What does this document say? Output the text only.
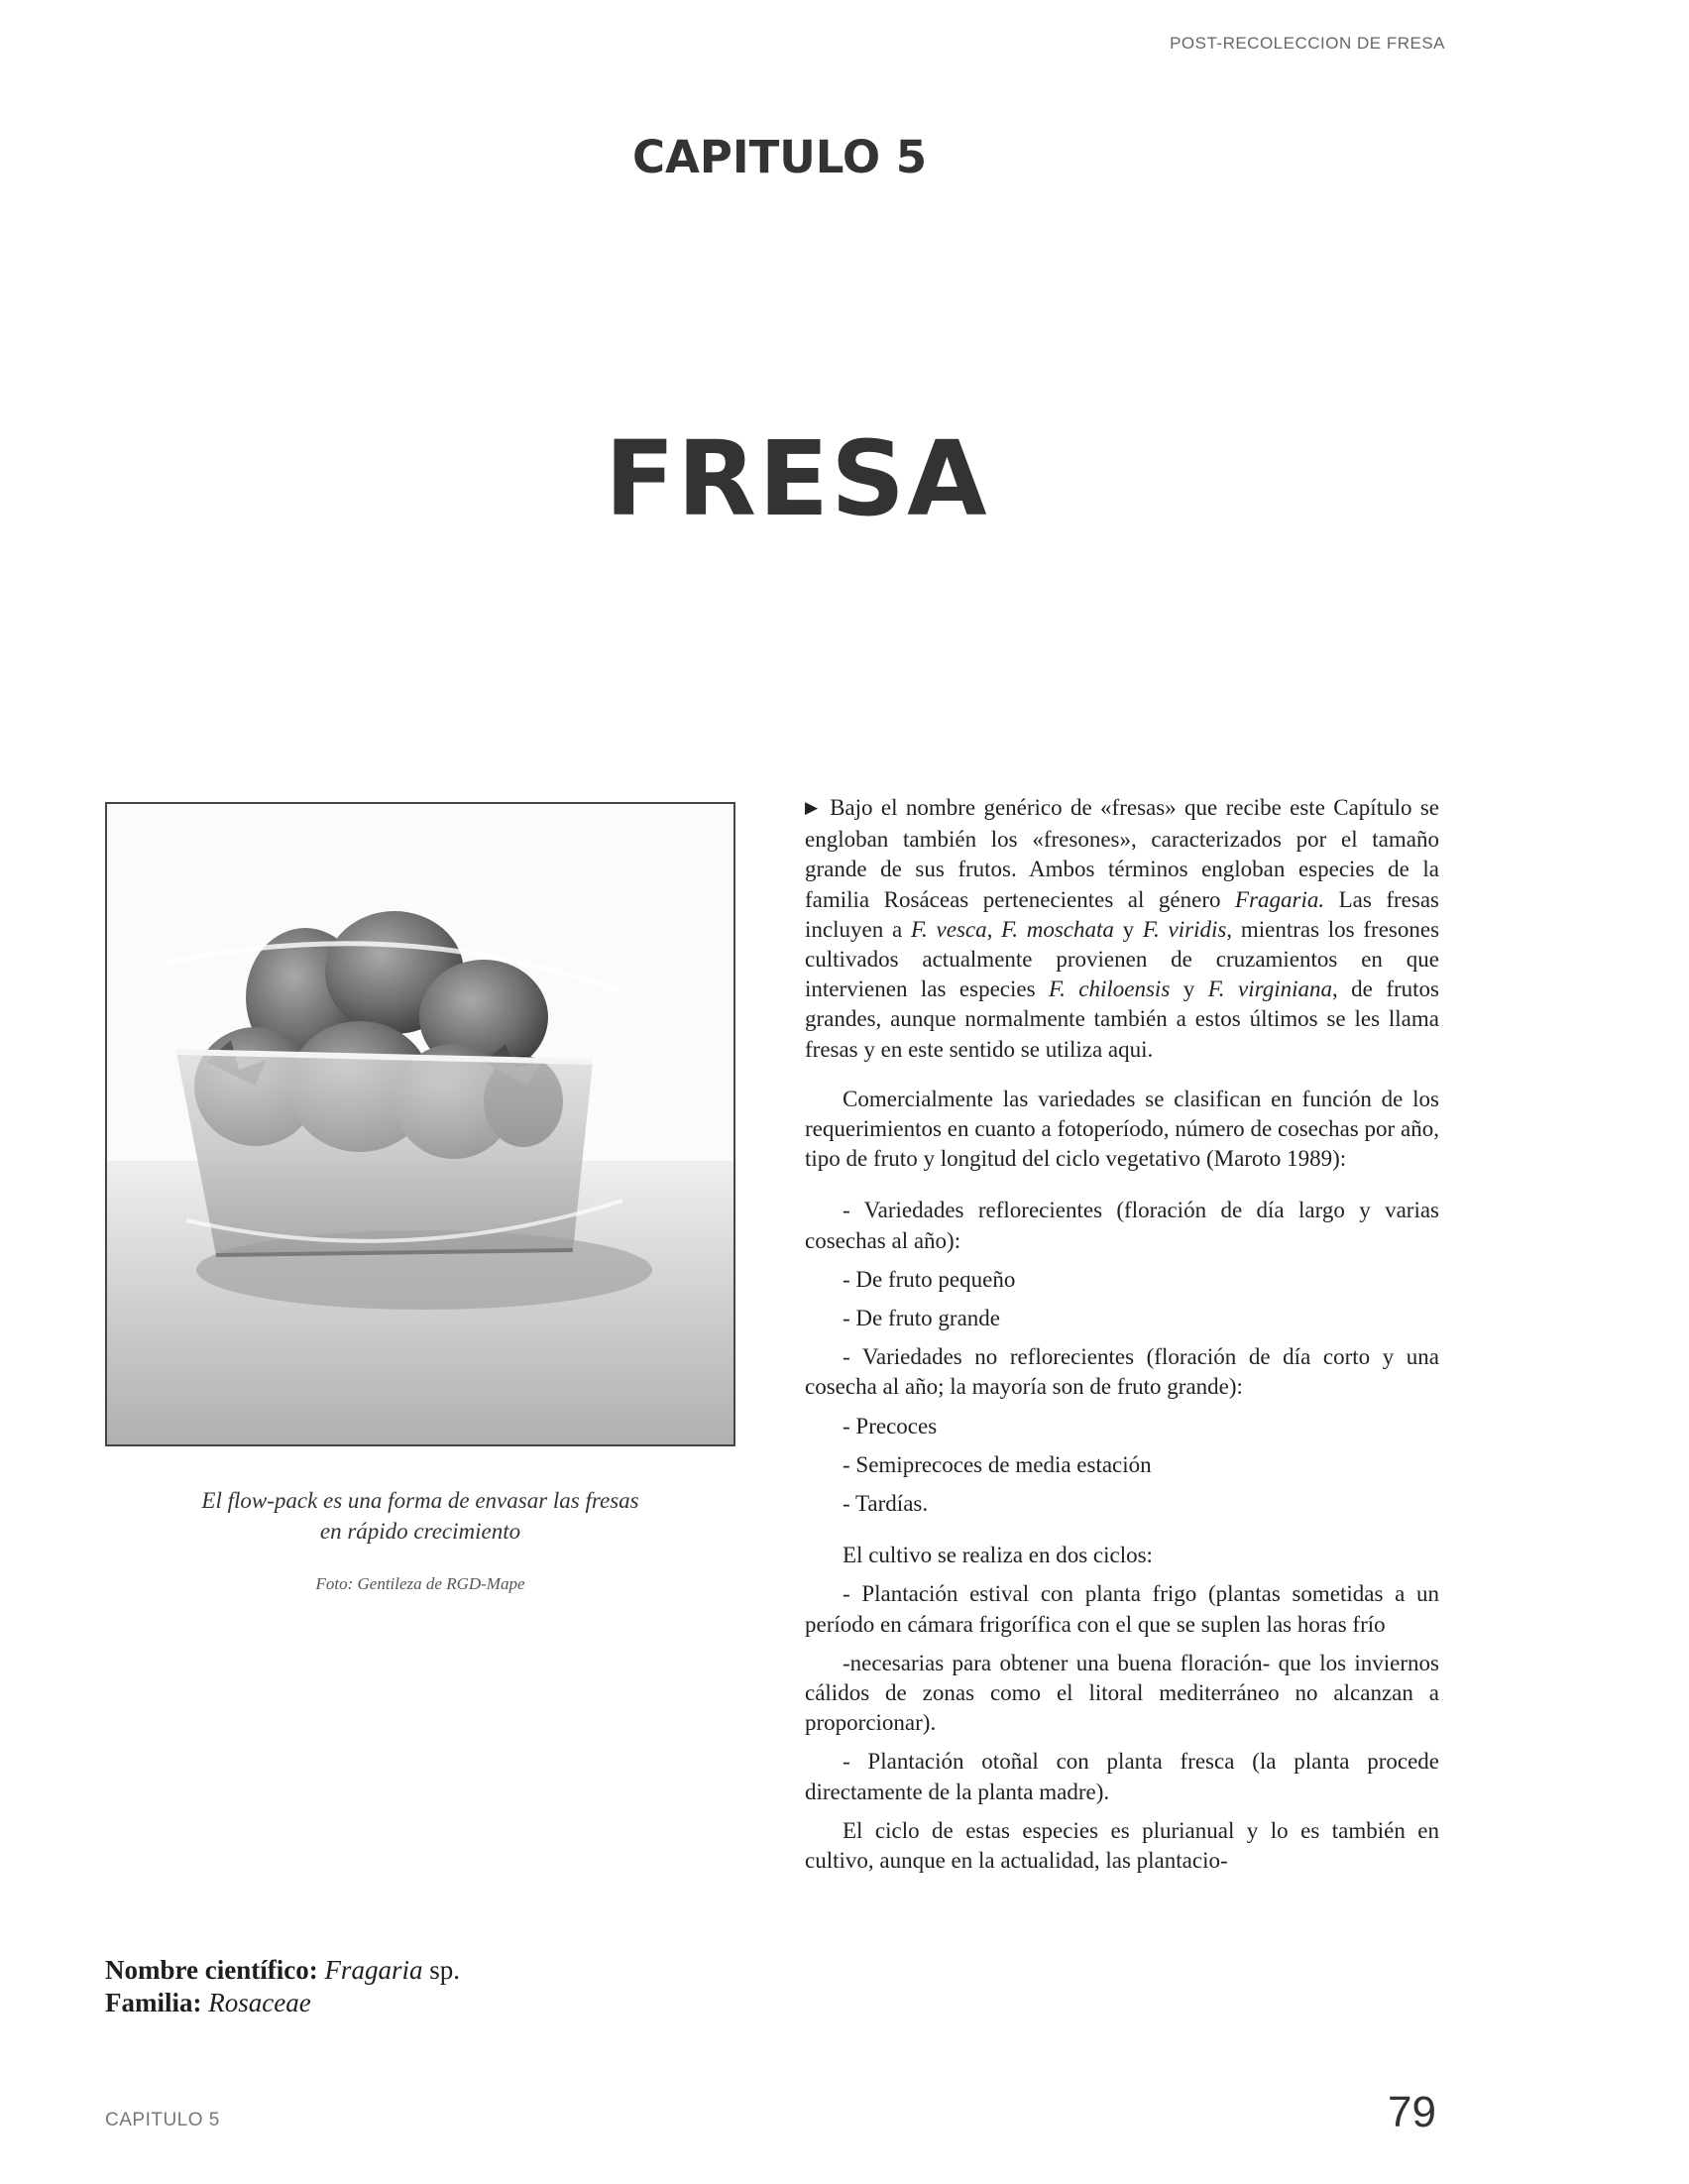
POST-RECOLECCION DE FRESA
CAPITULO 5
FRESA
El flow-pack es una forma de envasar las fresas
en rápido crecimiento
Foto: Gentileza de RGD-Mape
Nombre científico: Fragaria sp.
Familia: Rosaceae

▶ Bajo el nombre genérico de «fresas» que recibe este Capítulo se engloban también los «fresones», caracterizados por el tamaño grande de sus frutos. Ambos términos engloban especies de la familia Rosáceas pertenecientes al género Fragaria. Las fresas incluyen a F. vesca, F. moschata y F. viridis, mientras los fresones cultivados actualmente provienen de cruzamientos en que intervienen las especies F. chiloensis y F. virginiana, de frutos grandes, aunque normalmente también a estos últimos se les llama fresas y en este sentido se utiliza aqui.

Comercialmente las variedades se clasifican en función de los requerimientos en cuanto a fotoperíodo, número de cosechas por año, tipo de fruto y longitud del ciclo vegetativo (Maroto 1989):

- Variedades reflorecientes (floración de día largo y varias cosechas al año):

- De fruto pequeño

- De fruto grande

- Variedades no reflorecientes (floración de día corto y una cosecha al año; la mayoría son de fruto grande):

- Precoces

- Semiprecoces de media estación

- Tardías.

El cultivo se realiza en dos ciclos:

- Plantación estival con planta frigo (plantas sometidas a un período en cámara frigorífica con el que se suplen las horas frío

-necesarias para obtener una buena floración- que los inviernos cálidos de zonas como el litoral mediterráneo no alcanzan a proporcionar).

- Plantación otoñal con planta fresca (la planta procede directamente de la planta madre).

El ciclo de estas especies es plurianual y lo es también en cultivo, aunque en la actualidad, las plantacio-

CAPITULO 5	79
